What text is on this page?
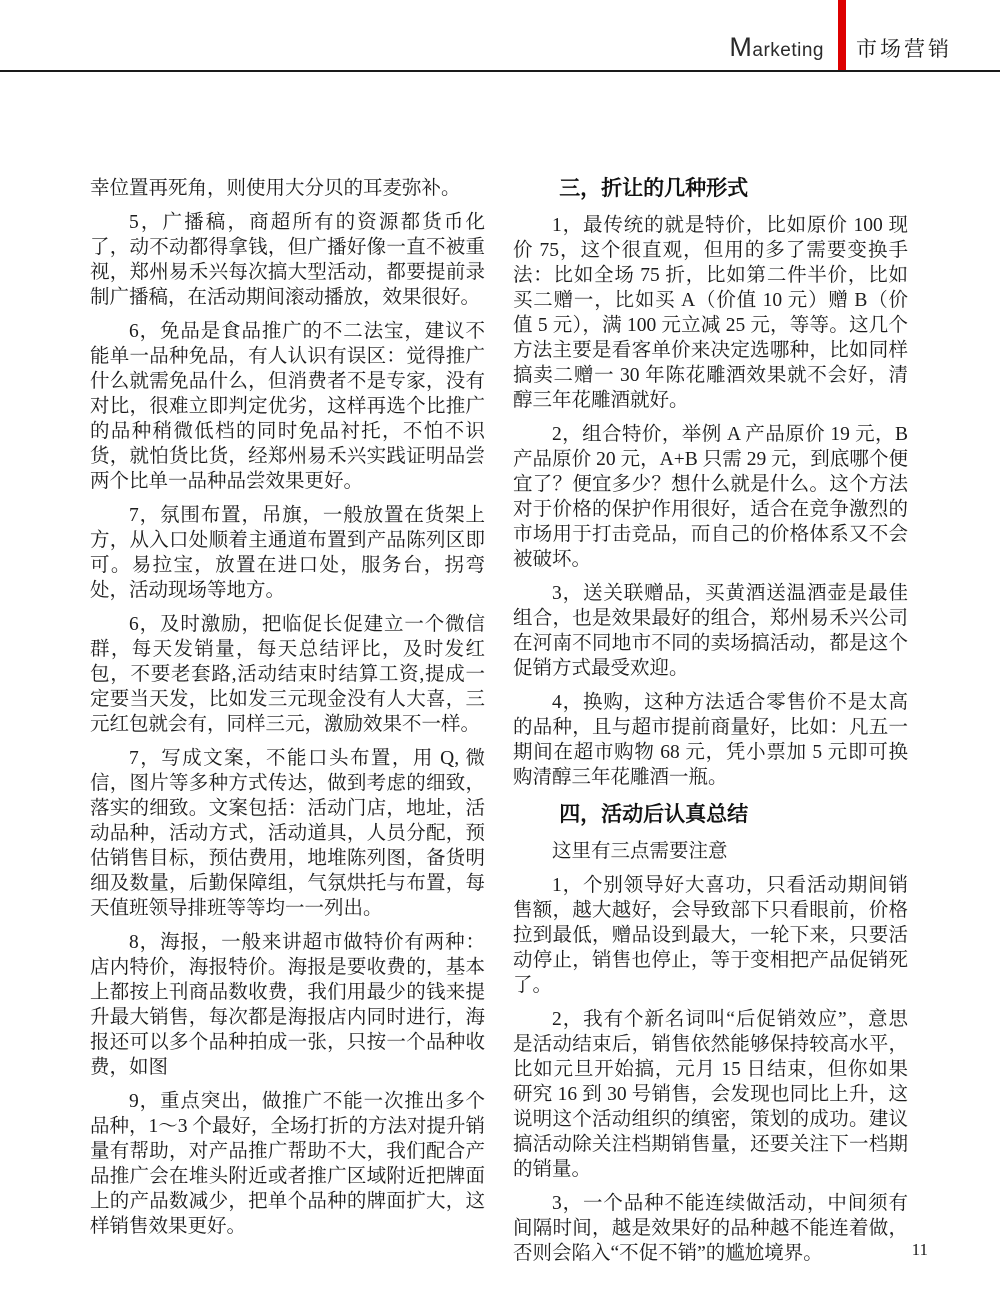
Marketing 市场营销

幸位置再死角，则使用大分贝的耳麦弥补。

5，广播稿，商超所有的资源都货币化了，动不动都得拿钱，但广播好像一直不被重视，郑州易禾兴每次搞大型活动，都要提前录制广播稿，在活动期间滚动播放，效果很好。

6，免品是食品推广的不二法宝，建议不能单一品种免品，有人认识有误区：觉得推广什么就需免品什么，但消费者不是专家，没有对比，很难立即判定优劣，这样再选个比推广的品种稍微低档的同时免品衬托，不怕不识货，就怕货比货，经郑州易禾兴实践证明品尝两个比单一品种品尝效果更好。

7，氛围布置，吊旗，一般放置在货架上方，从入口处顺着主通道布置到产品陈列区即可。易拉宝，放置在进口处，服务台，拐弯处，活动现场等地方。

6，及时激励，把临促长促建立一个微信群，每天发销量，每天总结评比，及时发红包，不要老套路,活动结束时结算工资,提成一定要当天发，比如发三元现金没有人大喜，三元红包就会有，同样三元，激励效果不一样。

7，写成文案，不能口头布置，用 Q, 微信，图片等多种方式传达，做到考虑的细致，落实的细致。文案包括：活动门店，地址，活动品种，活动方式，活动道具，人员分配，预估销售目标，预估费用，地堆陈列图，备货明细及数量，后勤保障组，气氛烘托与布置，每天值班领导排班等等均一一列出。

8，海报，一般来讲超市做特价有两种：店内特价，海报特价。海报是要收费的，基本上都按上刊商品数收费，我们用最少的钱来提升最大销售，每次都是海报店内同时进行，海报还可以多个品种拍成一张，只按一个品种收费，如图

9，重点突出，做推广不能一次推出多个品种，1～3 个最好，全场打折的方法对提升销量有帮助，对产品推广帮助不大，我们配合产品推广会在堆头附近或者推广区域附近把牌面上的产品数减少，把单个品种的牌面扩大，这样销售效果更好。

三，折让的几种形式

1，最传统的就是特价，比如原价 100 现价 75，这个很直观，但用的多了需要变换手法：比如全场 75 折，比如第二件半价，比如买二赠一，比如买 A（价值 10 元）赠 B（价值 5 元），满 100 元立减 25 元，等等。这几个方法主要是看客单价来决定选哪种，比如同样搞卖二赠一 30 年陈花雕酒效果就不会好，清醇三年花雕酒就好。

2，组合特价，举例 A 产品原价 19 元，B 产品原价 20 元，A+B 只需 29 元，到底哪个便宜了？便宜多少？想什么就是什么。这个方法对于价格的保护作用很好，适合在竞争激烈的市场用于打击竞品，而自己的价格体系又不会被破坏。

3，送关联赠品，买黄酒送温酒壶是最佳组合，也是效果最好的组合，郑州易禾兴公司在河南不同地市不同的卖场搞活动，都是这个促销方式最受欢迎。

4，换购，这种方法适合零售价不是太高的品种，且与超市提前商量好，比如：凡五一期间在超市购物 68 元，凭小票加 5 元即可换购清醇三年花雕酒一瓶。

四，活动后认真总结

这里有三点需要注意

1，个别领导好大喜功，只看活动期间销售额，越大越好，会导致部下只看眼前，价格拉到最低，赠品设到最大，一轮下来，只要活动停止，销售也停止，等于变相把产品促销死了。

2，我有个新名词叫“后促销效应”，意思是活动结束后，销售依然能够保持较高水平，比如元旦开始搞，元月 15 日结束，但你如果研究 16 到 30 号销售，会发现也同比上升，这说明这个活动组织的缜密，策划的成功。建议搞活动除关注档期销售量，还要关注下一档期的销量。

3，一个品种不能连续做活动，中间须有间隔时间，越是效果好的品种越不能连着做，否则会陷入“不促不销”的尴尬境界。	11
